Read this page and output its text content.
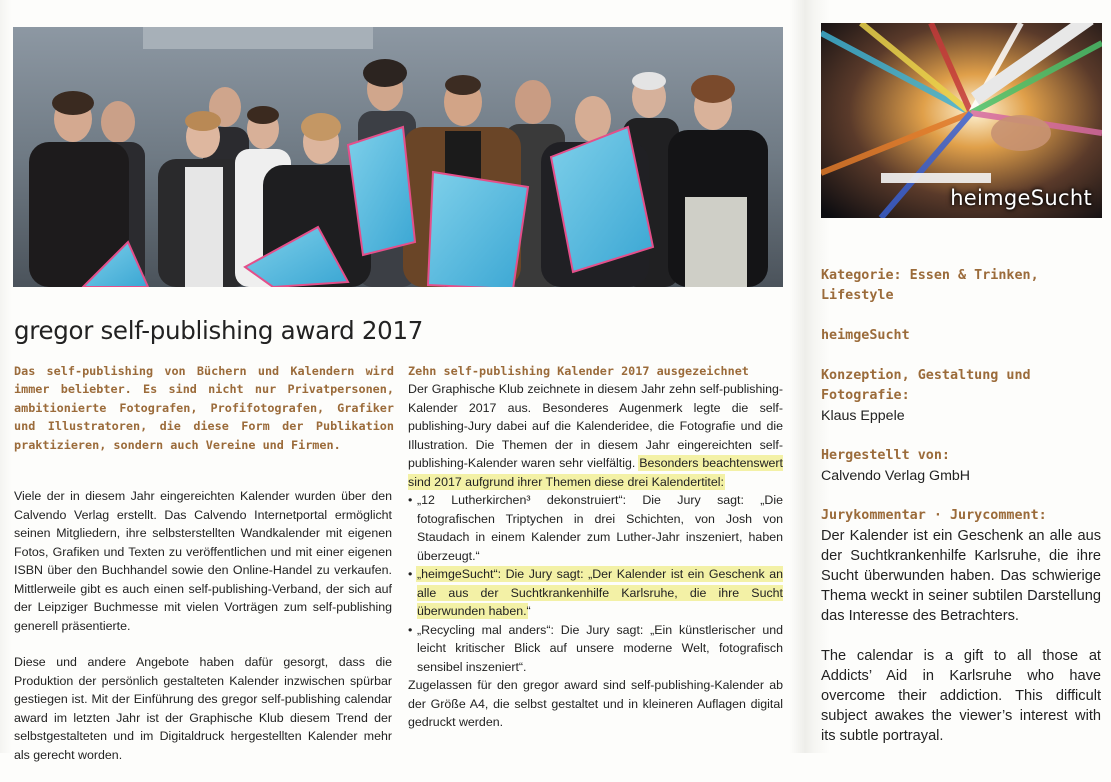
gregor self-publishing award 2017

Das self-publishing von Büchern und Kalendern wird immer beliebter. Es sind nicht nur Privatpersonen, ambitionierte Fotografen, Profifotografen, Grafiker und Illustratoren, die diese Form der Publikation praktizieren, sondern auch Vereine und Firmen.

Viele der in diesem Jahr eingereichten Kalender wurden über den Calvendo Verlag erstellt. Das Calvendo Internetportal ermöglicht seinen Mitgliedern, ihre selbsterstellten Wandkalender mit eigenen Fotos, Grafiken und Texten zu veröffentlichen und mit einer eigenen ISBN über den Buchhandel sowie den Online-Handel zu verkaufen. Mittlerweile gibt es auch einen self-publishing-Verband, der sich auf der Leipziger Buchmesse mit vielen Vorträgen zum self-publishing generell präsentierte.

Diese und andere Angebote haben dafür gesorgt, dass die Produktion der persönlich gestalteten Kalender inzwischen spürbar gestiegen ist. Mit der Einführung des gregor self-publishing calendar award im letzten Jahr ist der Graphische Klub diesem Trend der selbstgestalteten und im Digitaldruck hergestellten Kalender mehr als gerecht worden.

Zehn self-publishing Kalender 2017 ausgezeichnet

Der Graphische Klub zeichnete in diesem Jahr zehn self-publishing-Kalender 2017 aus. Besonderes Augenmerk legte die self-publishing-Jury dabei auf die Kalenderidee, die Fotografie und die Illustration. Die Themen der in diesem Jahr eingereichten self-publishing-Kalender waren sehr vielfältig. Besonders beachtenswert sind 2017 aufgrund ihrer Themen diese drei Kalendertitel:

• „12 Lutherkirchen³ dekonstruiert“: Die Jury sagt: „Die fotografischen Triptychen in drei Schichten, von Josh von Staudach in einem Kalender zum Luther-Jahr inszeniert, haben überzeugt.“
• „heimgeSucht“: Die Jury sagt: „Der Kalender ist ein Geschenk an alle aus der Suchtkrankenhilfe Karlsruhe, die ihre Sucht überwunden haben.“
• „Recycling mal anders“: Die Jury sagt: „Ein künstlerischer und leicht kritischer Blick auf unsere moderne Welt, fotografisch sensibel inszeniert“.

Zugelassen für den gregor award sind self-publishing-Kalender ab der Größe A4, die selbst gestaltet und in kleineren Auflagen digital gedruckt werden.

heimgeSucht
Kategorie: Essen & Trinken, Lifestyle
heimgeSucht
Konzeption, Gestaltung und Fotografie:
Klaus Eppele
Hergestellt von:
Calvendo Verlag GmbH
Jurykommentar · Jurycomment:
Der Kalender ist ein Geschenk an alle aus der Suchtkrankenhilfe Karlsruhe, die ihre Sucht überwunden haben. Das schwierige Thema weckt in seiner subtilen Darstellung das Interesse des Betrachters.
The calendar is a gift to all those at Addicts’ Aid in Karlsruhe who have overcome their addiction. This difficult subject awakes the viewer’s interest with its subtle portrayal.
